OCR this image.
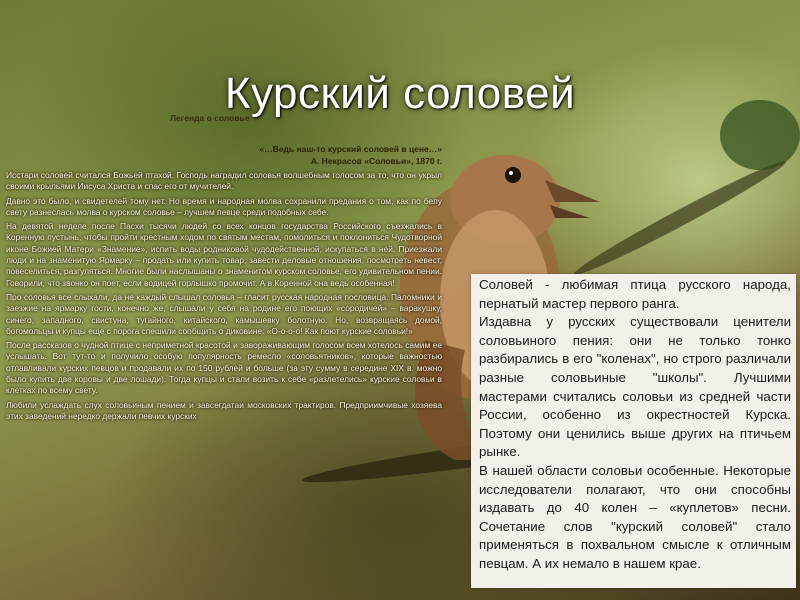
Курский соловей
Легенда о соловье
«…Ведь наш-то курский соловей в цене…»
А. Некрасов «Соловьи», 1870 г.

Исстари соловей считался Божьей птахой. Господь наградил соловья волшебным голосом за то, что он укрыл своими крыльями Иисуса Христа и спас его от мучителей.

Давно это было, и свидетелей тому нет. Но время и народная молва сохранили предания о том, как по белу свету разнеслась молва о курском соловье – лучшем певце среди подобных себе.

На девятой неделе после Пасхи тысячи людей со всех концов государства Российского съезжались в Коренную пустынь, чтобы пройти крестным ходом по святым местам, помолиться и поклониться Чудотворной иконе Божией Матери «Знамение», испить воды родниковой чудодейственной, искупаться в ней. Приезжали люди и на знаменитую Ярмарку – продать или купить товар, завести деловые отношения, посмотреть невест, повеселиться, разгуляться. Многие были наслышаны о знаменитом курском соловье, его удивительном пении. Говорили, что звонко он поет, если водицей горлышко промочит. А в Коренной она ведь особенная!

Про соловья все слыхали, да не каждый слышал соловья – гласит русская народная пословица. Паломники и заезжие на ярмарку гости, конечно же, слышали у себя на родине его поющих «сородичей» – варакушку, синего, западного, свистуна, тугайного, китайского, камышевку болотную. Но, возвращаясь домой, богомольцы и купцы еще с порога спешили сообщить о диковине: «О-о-о-о! Как поют курские соловьи!»

После рассказов о чудной птице с неприметной красотой и завораживающим голосом всем хотелось самим ее услышать. Вот тут-то и получило особую популярность ремесло «соловьятников», которые важностью отлавливали курских певцов и продавали их по 150 рублей и больше (за эту сумму в середине XIX в. можно было купить две коровы и две лошади). Тогда купцы и стали возить к себе «разлетелись» курские соловьи в клетках по всему свету.

Любили услаждать слух соловьиным пением и завсегдатаи московских трактиров. Предприимчивые хозяева этих заведений нередко держали певчих курских

Соловей - любимая птица русского народа, пернатый мастер первого ранга.

Издавна у русских существовали ценители соловьиного пения: они не только тонко разбирались в его "коленах", но строго различали разные соловьиные "школы". Лучшими мастерами считались соловьи из средней части России, особенно из окрестностей Курска. Поэтому они ценились выше других на птичьем рынке.

В нашей области соловьи особенные. Некоторые исследователи полагают, что они способны издавать до 40 колен – «куплетов» песни. Сочетание слов "курский соловей" стало применяться в похвальном смысле к отличным певцам. А их немало в нашем крае.
